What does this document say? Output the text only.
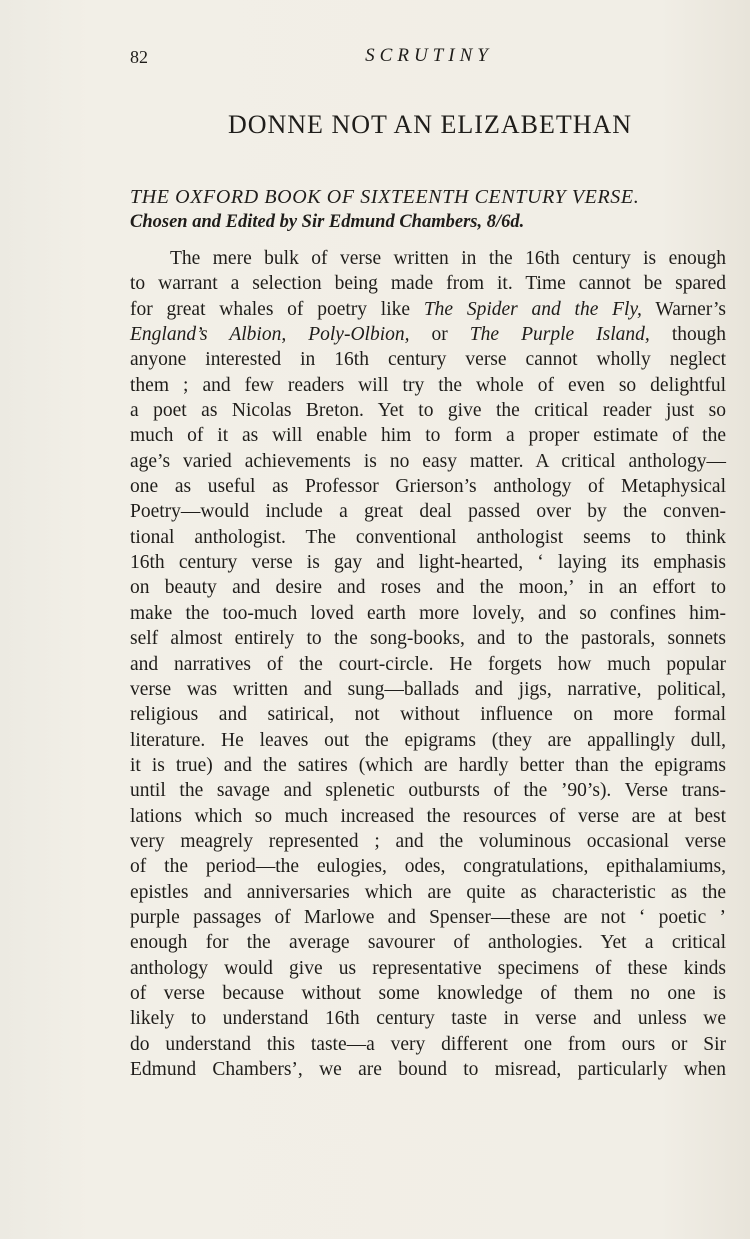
82	SCRUTINY
DONNE NOT AN ELIZABETHAN
THE OXFORD BOOK OF SIXTEENTH CENTURY VERSE.
Chosen and Edited by Sir Edmund Chambers, 8/6d.
The mere bulk of verse written in the 16th century is enough
to warrant a selection being made from it. Time cannot be spared
for great whales of poetry like The Spider and the Fly, Warner’s
England’s Albion, Poly-Olbion, or The Purple Island, though
anyone interested in 16th century verse cannot wholly neglect
them ; and few readers will try the whole of even so delightful
a poet as Nicolas Breton. Yet to give the critical reader just so
much of it as will enable him to form a proper estimate of the
age’s varied achievements is no easy matter. A critical anthology—
one as useful as Professor Grierson’s anthology of Metaphysical
Poetry—would include a great deal passed over by the conven-
tional anthologist. The conventional anthologist seems to think
16th century verse is gay and light-hearted, ‘ laying its emphasis
on beauty and desire and roses and the moon,’ in an effort to
make the too-much loved earth more lovely, and so confines him-
self almost entirely to the song-books, and to the pastorals, sonnets
and narratives of the court-circle. He forgets how much popular
verse was written and sung—ballads and jigs, narrative, political,
religious and satirical, not without influence on more formal
literature. He leaves out the epigrams (they are appallingly dull,
it is true) and the satires (which are hardly better than the epigrams
until the savage and splenetic outbursts of the ’90’s). Verse trans-
lations which so much increased the resources of verse are at best
very meagrely represented ; and the voluminous occasional verse
of the period—the eulogies, odes, congratulations, epithalamiums,
epistles and anniversaries which are quite as characteristic as the
purple passages of Marlowe and Spenser—these are not ‘ poetic ’
enough for the average savourer of anthologies. Yet a critical
anthology would give us representative specimens of these kinds
of verse because without some knowledge of them no one is
likely to understand 16th century taste in verse and unless we
do understand this taste—a very different one from ours or Sir
Edmund Chambers’, we are bound to misread, particularly when
